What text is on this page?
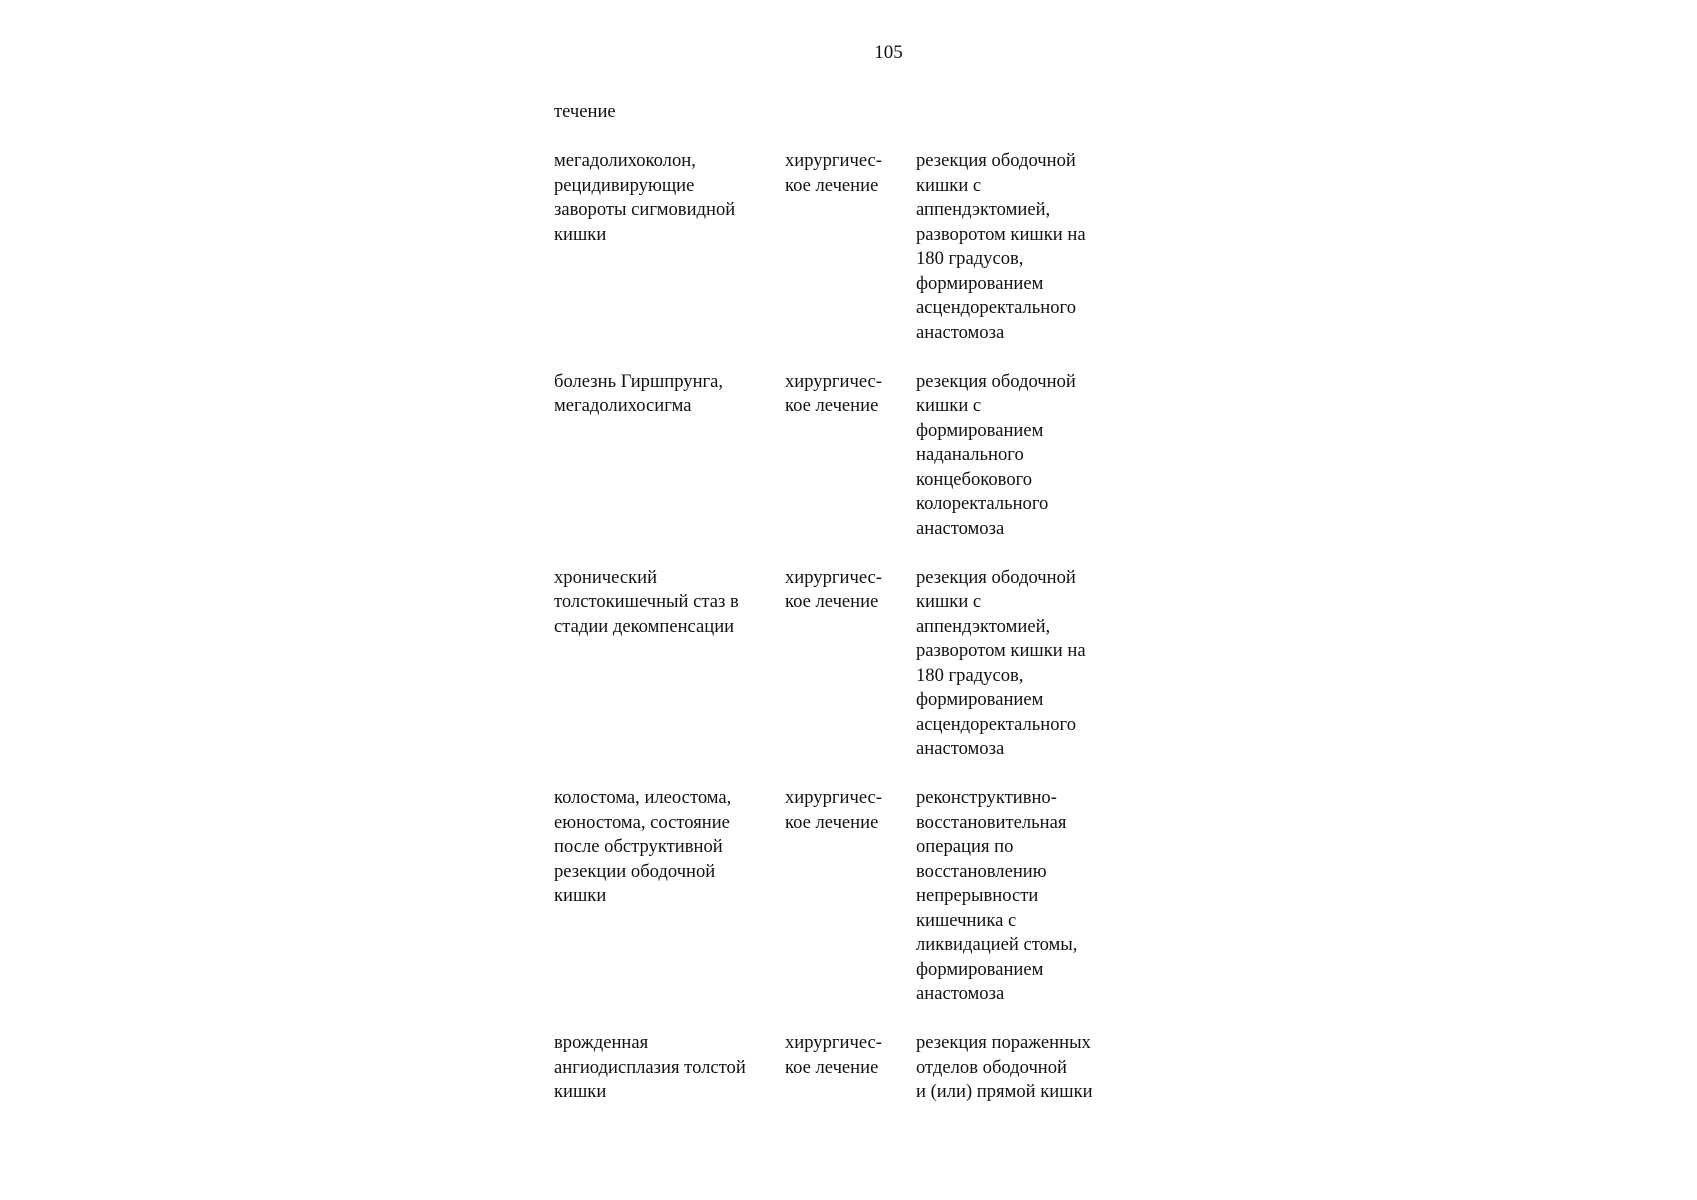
105

течение

мегадолихоколон,
рецидивирующие
завороты сигмовидной
кишки
хирургичес-
кое лечение
резекция ободочной
кишки с
аппендэктомией,
разворотом кишки на
180 градусов,
формированием
асцендоректального
анастомоза
болезнь Гиршпрунга,
мегадолихосигма
хирургичес-
кое лечение
резекция ободочной
кишки с
формированием
наданального
концебокового
колоректального
анастомоза
хронический
толстокишечный стаз в
стадии декомпенсации
хирургичес-
кое лечение
резекция ободочной
кишки с
аппендэктомией,
разворотом кишки на
180 градусов,
формированием
асцендоректального
анастомоза
колостома, илеостома,
еюностома, состояние
после обструктивной
резекции ободочной
кишки
хирургичес-
кое лечение
реконструктивно-
восстановительная
операция по
восстановлению
непрерывности
кишечника с
ликвидацией стомы,
формированием
анастомоза
врожденная
ангиодисплазия толстой
кишки
хирургичес-
кое лечение
резекция пораженных
отделов ободочной
и (или) прямой кишки
